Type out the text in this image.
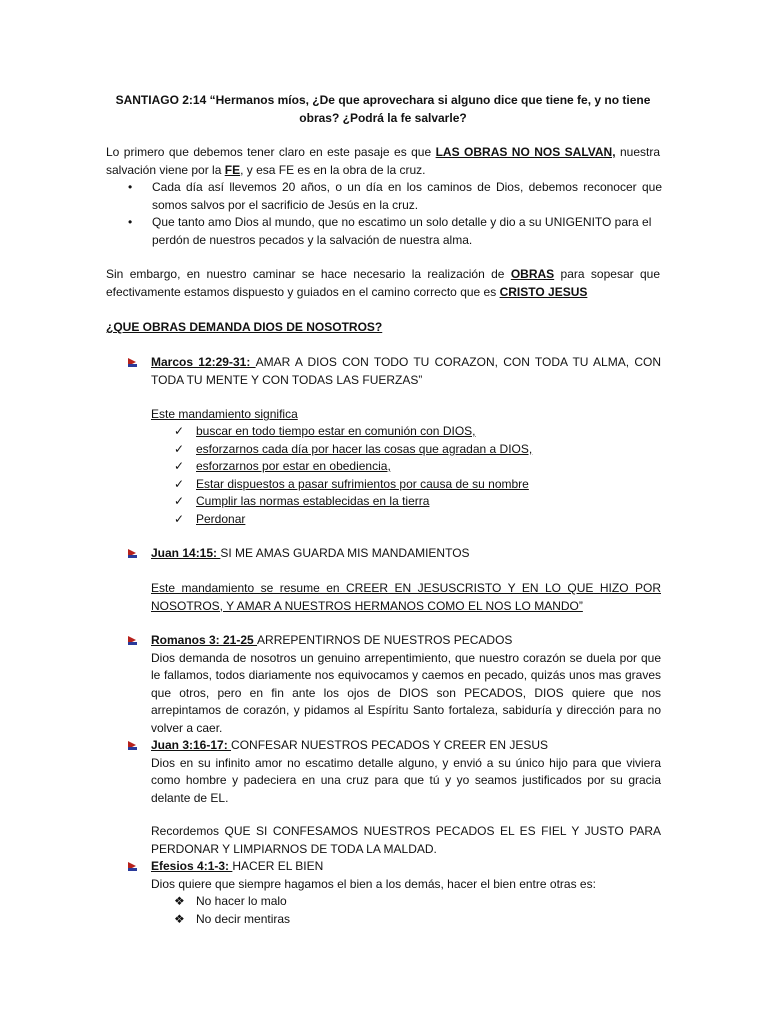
SANTIAGO 2:14 “Hermanos míos, ¿De que aprovechara si alguno dice que tiene fe, y no tiene
obras? ¿Podrá la fe salvarle?
Lo primero que debemos tener claro en este pasaje es que LAS OBRAS NO NOS SALVAN, nuestra salvación viene por la FE, y esa FE es en la obra de la cruz.
•	Cada día así llevemos 20 años, o un día en los caminos de Dios, debemos reconocer que somos salvos por el sacrificio de Jesús en la cruz.
•	Que tanto amo Dios al mundo, que no escatimo un solo detalle y dio a su UNIGENITO para el perdón de nuestros pecados y la salvación de nuestra alma.
Sin embargo, en nuestro caminar se hace necesario la realización de OBRAS para sopesar que efectivamente estamos dispuesto y guiados en el camino correcto que es CRISTO JESUS
¿QUE OBRAS DEMANDA DIOS DE NOSOTROS?
Marcos 12:29-31: AMAR A DIOS CON TODO TU CORAZON, CON TODA TU ALMA, CON TODA TU MENTE Y CON TODAS LAS FUERZAS”
Este mandamiento significa
✓ buscar en todo tiempo estar en comunión con DIOS,
✓ esforzarnos cada día por hacer las cosas que agradan a DIOS,
✓ esforzarnos por estar en obediencia,
✓ Estar dispuestos a pasar sufrimientos por causa de su nombre
✓ Cumplir las normas establecidas en la tierra
✓ Perdonar
Juan 14:15: SI ME AMAS GUARDA MIS MANDAMIENTOS
Este mandamiento se resume en CREER EN JESUSCRISTO Y EN LO QUE HIZO POR NOSOTROS, Y AMAR A NUESTROS HERMANOS COMO EL NOS LO MANDO”
Romanos 3: 21-25 ARREPENTIRNOS DE NUESTROS PECADOS
Dios demanda de nosotros un genuino arrepentimiento, que nuestro corazón se duela por que le fallamos, todos diariamente nos equivocamos y caemos en pecado, quizás unos mas graves que otros, pero en fin ante los ojos de DIOS son PECADOS, DIOS quiere que nos arrepintamos de corazón, y pidamos al Espíritu Santo fortaleza, sabiduría y dirección para no volver a caer.
Juan 3:16-17: CONFESAR NUESTROS PECADOS Y CREER EN JESUS
Dios en su infinito amor no escatimo detalle alguno, y envió a su único hijo para que viviera como hombre y padeciera en una cruz para que tú y yo seamos justificados por su gracia delante de EL.
Recordemos QUE SI CONFESAMOS NUESTROS PECADOS EL ES FIEL Y JUSTO PARA PERDONAR Y LIMPIARNOS DE TODA LA MALDAD.
Efesios 4:1-3: HACER EL BIEN
Dios quiere que siempre hagamos el bien a los demás, hacer el bien entre otras es:
❖ No hacer lo malo
❖ No decir mentiras
